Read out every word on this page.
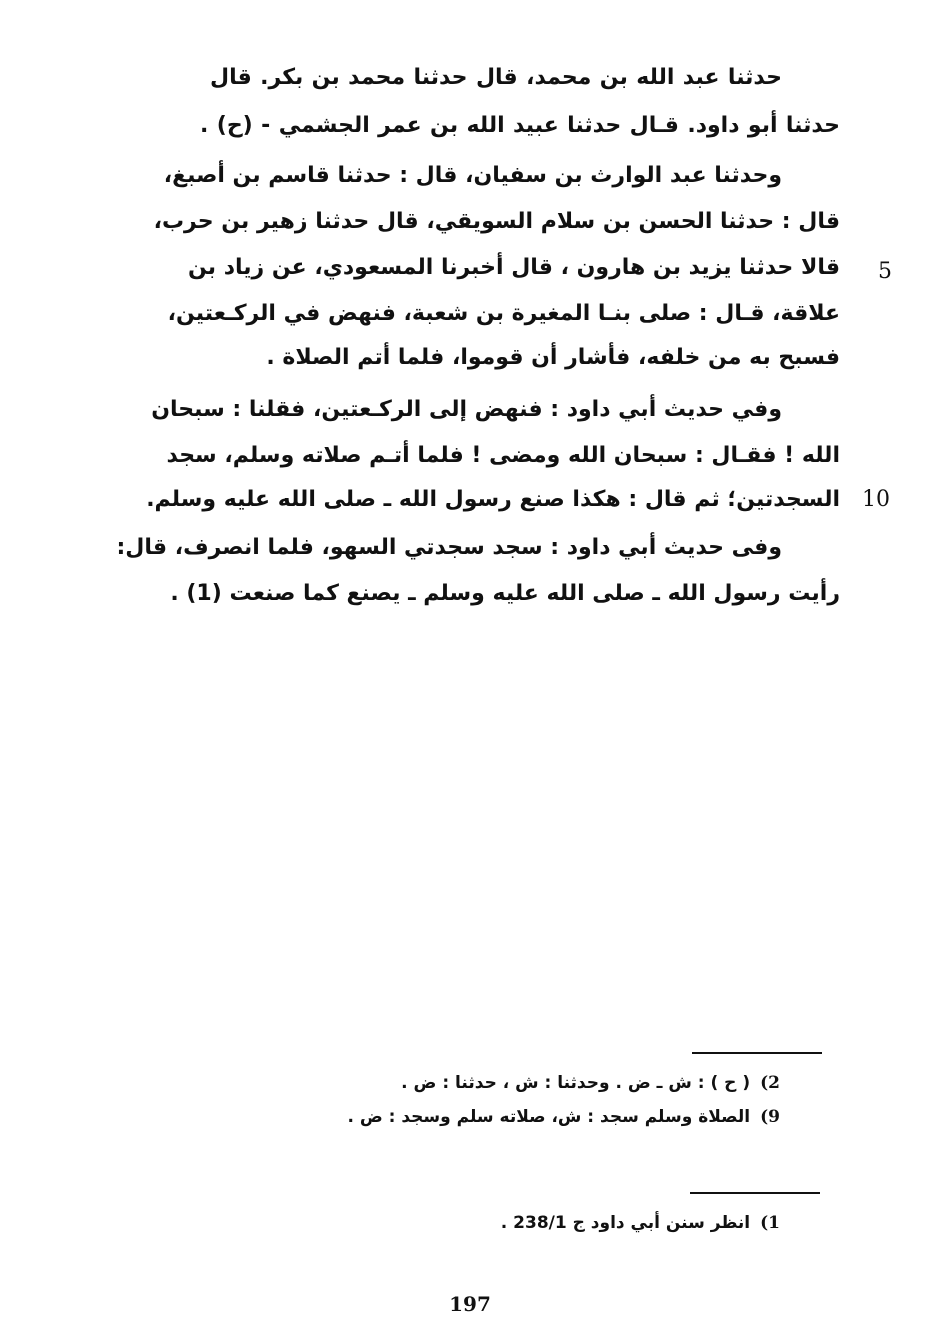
حدثنا عبد الله بن محمد، قال حدثنا محمد بن بكر. قال
حدثنا أبو داود. قـال حدثنا عبيد الله بن عمر الجشمي - (ح) .
وحدثنا عبد الوارث بن سفيان، قال : حدثنا قاسم بن أصبغ،
قال : حدثنا الحسن بن سلام السويقي، قال حدثنا زهير بن حرب،
قالا حدثنا يزيد بن هارون ، قال أخبرنا المسعودي، عن زياد بن
علاقة، قـال : صلى بنـا المغيرة بن شعبة، فنهض في الركـعتين،
فسبح به من خلفه، فأشار أن قوموا، فلما أتم الصلاة .
وفي حديث أبي داود : فنهض إلى الركـعتين، فقلنا : سبحان
الله ! فقـال : سبحان الله ومضى ! فلما أتـم صلاته وسلم، سجد
السجدتين؛ ثم قال : هكذا صنع رسول الله ـ صلى الله عليه وسلم.
وفى حديث أبي داود : سجد سجدتي السهو، فلما انصرف، قال:
رأيت رسول الله ـ صلى الله عليه وسلم ـ يصنع كما صنعت (1) .
5
10
2)( ح ) : ش ـ ض . وحدثنا : ش ، حدثنا : ض .
9)الصلاة وسلم سجد : ش، صلاته سلم وسجد : ض .
1)انظر سنن أبي داود ج 238/1 .
197
